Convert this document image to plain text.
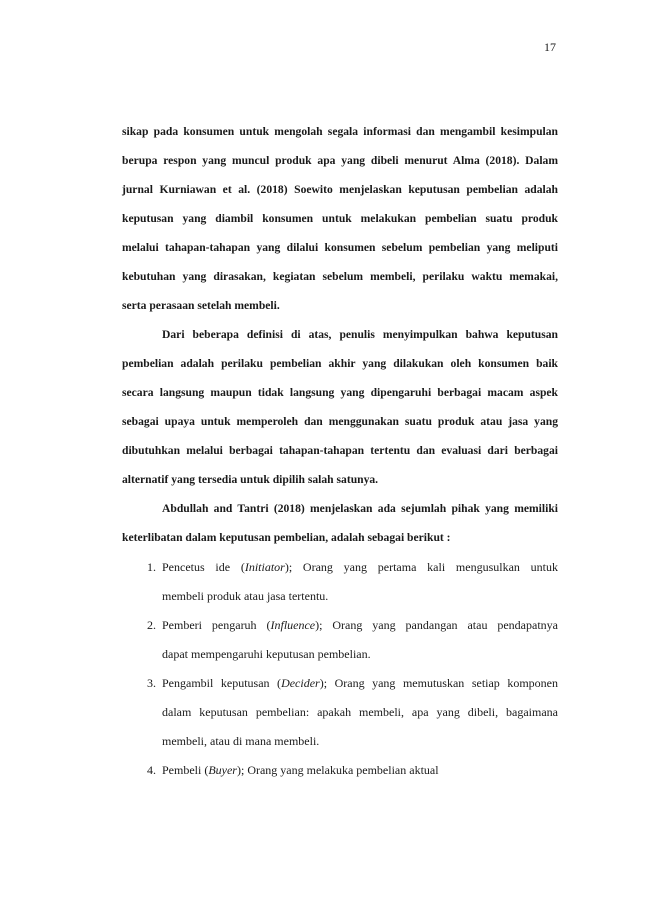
17

sikap pada konsumen untuk mengolah segala informasi dan mengambil kesimpulan
berupa respon yang muncul produk apa yang dibeli menurut Alma (2018). Dalam
jurnal Kurniawan et al. (2018) Soewito menjelaskan keputusan pembelian adalah
keputusan yang diambil konsumen untuk melakukan pembelian suatu produk
melalui tahapan-tahapan yang dilalui konsumen sebelum pembelian yang meliputi
kebutuhan yang dirasakan, kegiatan sebelum membeli, perilaku waktu memakai,
serta perasaan setelah membeli.

Dari beberapa definisi di atas, penulis menyimpulkan bahwa keputusan
pembelian adalah perilaku pembelian akhir yang dilakukan oleh konsumen baik
secara langsung maupun tidak langsung yang dipengaruhi berbagai macam aspek
sebagai upaya untuk memperoleh dan menggunakan suatu produk atau jasa yang
dibutuhkan melalui berbagai tahapan-tahapan tertentu dan evaluasi dari berbagai
alternatif yang tersedia untuk dipilih salah satunya.

Abdullah and Tantri (2018) menjelaskan ada sejumlah pihak yang memiliki
keterlibatan dalam keputusan pembelian, adalah sebagai berikut :

1. Pencetus ide (Initiator); Orang yang pertama kali mengusulkan untuk
membeli produk atau jasa tertentu.
2. Pemberi pengaruh (Influence); Orang yang pandangan atau pendapatnya
dapat mempengaruhi keputusan pembelian.
3. Pengambil keputusan (Decider); Orang yang memutuskan setiap komponen
dalam keputusan pembelian: apakah membeli, apa yang dibeli, bagaimana
membeli, atau di mana membeli.
4. Pembeli (Buyer); Orang yang melakuka pembelian aktual
